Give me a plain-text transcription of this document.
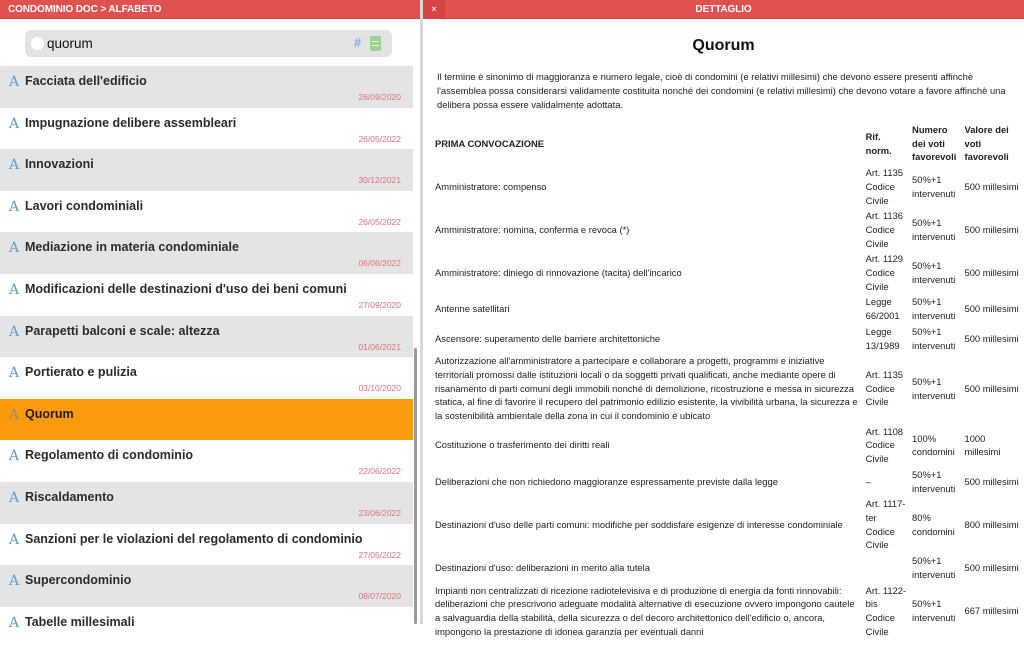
CONDOMINIO DOC > ALFABETO
quorum
#
A Facciata dell'edificio
26/09/2020
A Impugnazione delibere assembleari
26/05/2022
A Innovazioni
30/12/2021
A Lavori condominiali
26/05/2022
A Mediazione in materia condominiale
06/06/2022
A Modificazioni delle destinazioni d'uso dei beni comuni
27/09/2020
A Parapetti balconi e scale: altezza
01/06/2021
A Portierato e pulizia
03/10/2020
A Quorum
A Regolamento di condominio
22/06/2022
A Riscaldamento
23/06/2022
A Sanzioni per le violazioni del regolamento di condominio
27/05/2022
A Supercondominio
08/07/2020
A Tabelle millesimali
×	DETTAGLIO
Quorum

Il termine è sinonimo di maggioranza e numero legale, cioè di condomini (e relativi millesimi) che devono essere presenti affinchè l'assemblea possa considerarsi validamente costituita nonché dei condomini (e relativi millesimi) che devono votare a favore affinchè una delibera possa essere validalmente adottata.

PRIMA CONVOCAZIONE	Rif. norm.	Numero dei voti favorevoli	Valore dei voti favorevoli
Amministratore: compenso	Art. 1135 Codice Civile	50%+1 intervenuti	500 millesimi
Amministratore: nomina, conferma e revoca (*)	Art. 1136 Codice Civile	50%+1 intervenuti	500 millesimi
Amministratore: diniego di rinnovazione (tacita) dell'incarico	Art. 1129 Codice Civile	50%+1 intervenuti	500 millesimi
Antenne satellitari	Legge 66/2001	50%+1 intervenuti	500 millesimi
Ascensore: superamento delle barriere architettoniche	Legge 13/1989	50%+1 intervenuti	500 millesimi
Autorizzazione all'amministratore a partecipare e collaborare a progetti, programmi e iniziative territoriali promossi dalle istituzioni locali o da soggetti privati qualificati, anche mediante opere di risanamento di parti comuni degli immobili nonché di demolizione, ricostruzione e messa in sicurezza statica, al fine di favorire il recupero del patrimonio edilizio esistente, la vivibilità urbana, la sicurezza e la sostenibilità ambientale della zona in cui il condominio è ubicato	Art. 1135 Codice Civile	50%+1 intervenuti	500 millesimi
Costituzione o trasferimento dei diritti reali	Art. 1108 Codice Civile	100% condomini	1000 millesimi
Deliberazioni che non richiedono maggioranze espressamente previste dalla legge	–	50%+1 intervenuti	500 millesimi
Destinazioni d'uso delle parti comuni: modifiche per soddisfare esigenze di interesse condominiale	Art. 1117-ter Codice Civile	80% condomini	800 millesimi
Destinazioni d'uso: deliberazioni in merito alla tutela		50%+1 intervenuti	500 millesimi
Impianti non centralizzati di ricezione radiotelevisiva e di produzione di energia da fonti rinnovabili: deliberazioni che prescrivono adeguate modalità alternative di esecuzione ovvero impongono cautele a salvaguardia della stabilità, della sicurezza o del decoro architettonico dell'edificio o, ancora, impongono la prestazione di idonea garanzia per eventuali danni	Art. 1122-bis Codice Civile	50%+1 intervenuti	667 millesimi
